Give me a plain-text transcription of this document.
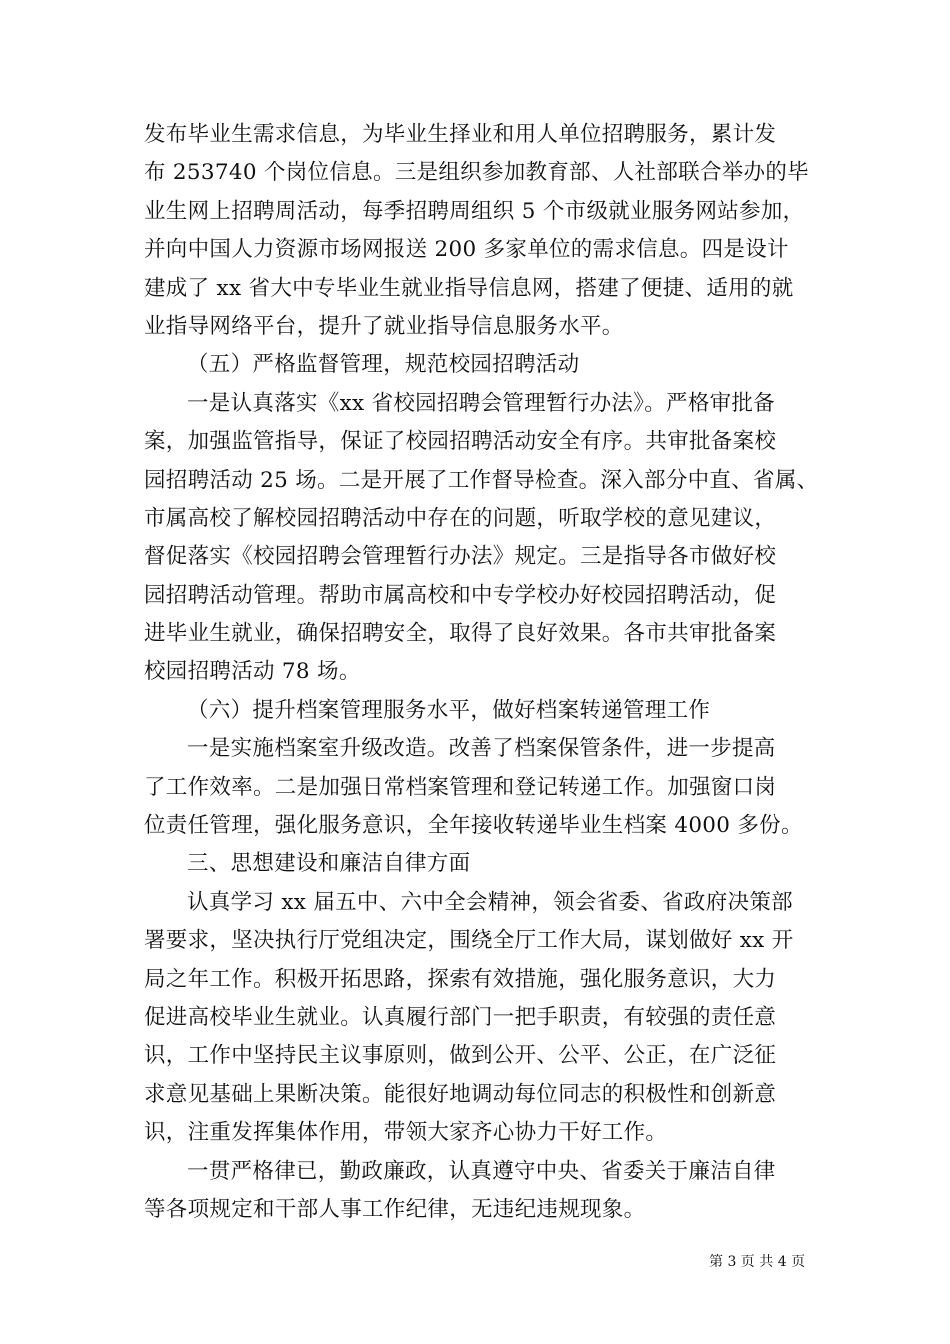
发布毕业生需求信息，为毕业生择业和用人单位招聘服务，累计发
布 253740 个岗位信息。三是组织参加教育部、人社部联合举办的毕
业生网上招聘周活动，每季招聘周组织 5 个市级就业服务网站参加，
并向中国人力资源市场网报送 200 多家单位的需求信息。四是设计
建成了 xx 省大中专毕业生就业指导信息网，搭建了便捷、适用的就
业指导网络平台，提升了就业指导信息服务水平。
（五）严格监督管理，规范校园招聘活动
一是认真落实《xx 省校园招聘会管理暂行办法》。严格审批备
案，加强监管指导，保证了校园招聘活动安全有序。共审批备案校
园招聘活动 25 场。二是开展了工作督导检查。深入部分中直、省属、
市属高校了解校园招聘活动中存在的问题，听取学校的意见建议，
督促落实《校园招聘会管理暂行办法》规定。三是指导各市做好校
园招聘活动管理。帮助市属高校和中专学校办好校园招聘活动，促
进毕业生就业，确保招聘安全，取得了良好效果。各市共审批备案
校园招聘活动 78 场。
（六）提升档案管理服务水平，做好档案转递管理工作
一是实施档案室升级改造。改善了档案保管条件，进一步提高
了工作效率。二是加强日常档案管理和登记转递工作。加强窗口岗
位责任管理，强化服务意识，全年接收转递毕业生档案 4000 多份。
三、思想建设和廉洁自律方面
认真学习 xx 届五中、六中全会精神，领会省委、省政府决策部
署要求，坚决执行厅党组决定，围绕全厅工作大局，谋划做好 xx 开
局之年工作。积极开拓思路，探索有效措施，强化服务意识，大力
促进高校毕业生就业。认真履行部门一把手职责，有较强的责任意
识，工作中坚持民主议事原则，做到公开、公平、公正，在广泛征
求意见基础上果断决策。能很好地调动每位同志的积极性和创新意
识，注重发挥集体作用，带领大家齐心协力干好工作。
一贯严格律已，勤政廉政，认真遵守中央、省委关于廉洁自律
等各项规定和干部人事工作纪律，无违纪违规现象。
第 3 页 共 4 页
